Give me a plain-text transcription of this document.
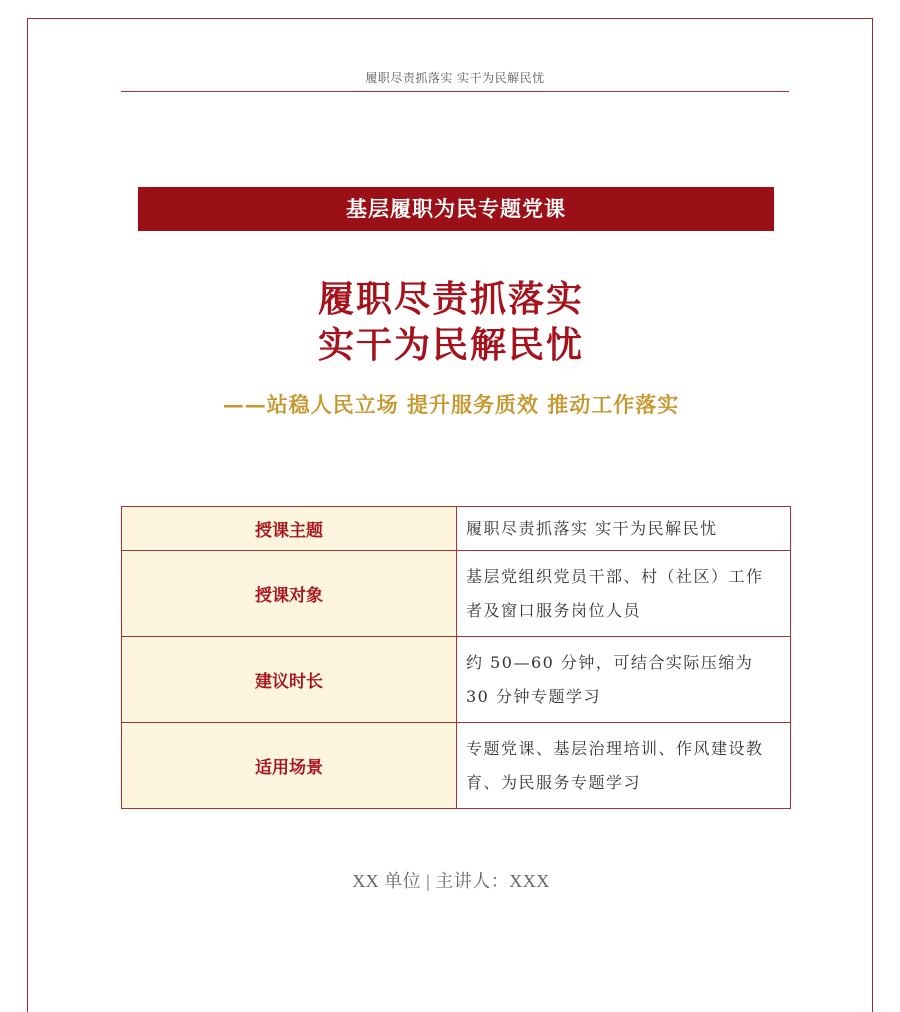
履职尽责抓落实 实干为民解民忧
基层履职为民专题党课
履职尽责抓落实
实干为民解民忧
——站稳人民立场 提升服务质效 推动工作落实
授课主题	履职尽责抓落实 实干为民解民忧
授课对象	基层党组织党员干部、村（社区）工作者及窗口服务岗位人员
建议时长	约 50—60 分钟，可结合实际压缩为 30 分钟专题学习
适用场景	专题党课、基层治理培训、作风建设教育、为民服务专题学习
XX 单位 | 主讲人：XXX
